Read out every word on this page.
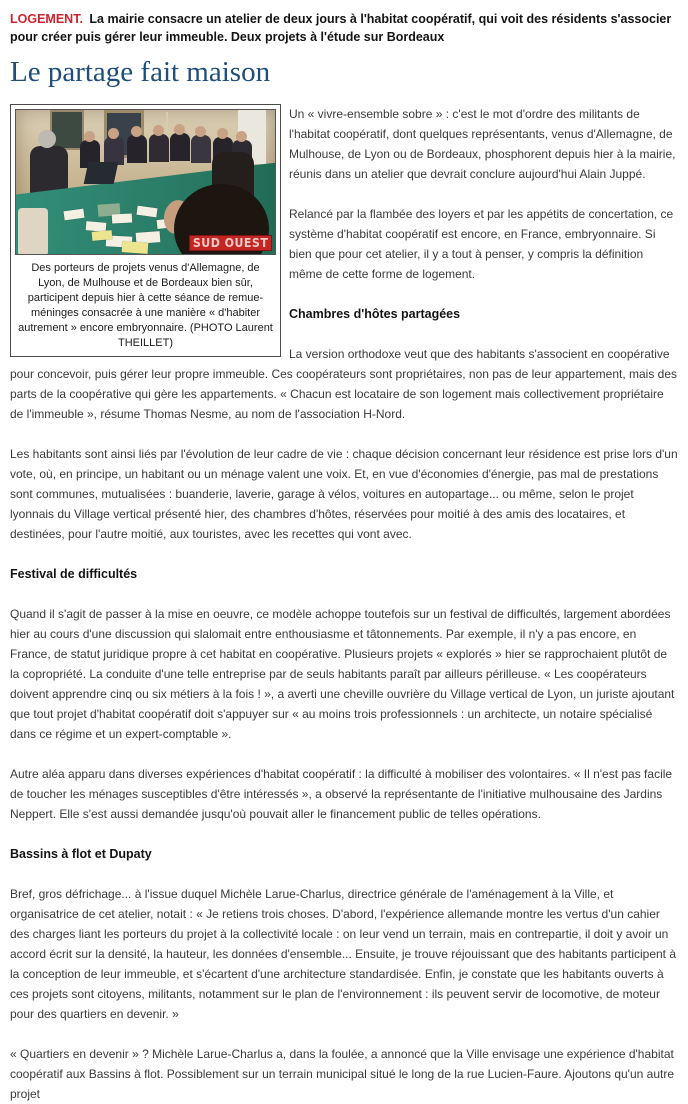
LOGEMENT. La mairie consacre un atelier de deux jours à l'habitat coopératif, qui voit des résidents s'associer pour créer puis gérer leur immeuble. Deux projets à l'étude sur Bordeaux

Le partage fait maison
SUD OUEST
Des porteurs de projets venus d'Allemagne, de Lyon, de Mulhouse et de Bordeaux bien sûr, participent depuis hier à cette séance de remue-méninges consacrée à une manière « d'habiter autrement » encore embryonnaire. (PHOTO Laurent THEILLET)

Un « vivre-ensemble sobre » : c'est le mot d'ordre des militants de l'habitat coopératif, dont quelques représentants, venus d'Allemagne, de Mulhouse, de Lyon ou de Bordeaux, phosphorent depuis hier à la mairie, réunis dans un atelier que devrait conclure aujourd'hui Alain Juppé.

Relancé par la flambée des loyers et par les appétits de concertation, ce système d'habitat coopératif est encore, en France, embryonnaire. Si bien que pour cet atelier, il y a tout à penser, y compris la définition même de cette forme de logement.

Chambres d'hôtes partagées

La version orthodoxe veut que des habitants s'associent en coopérative pour concevoir, puis gérer leur propre immeuble. Ces coopérateurs sont propriétaires, non pas de leur appartement, mais des parts de la coopérative qui gère les appartements. « Chacun est locataire de son logement mais collectivement propriétaire de l'immeuble », résume Thomas Nesme, au nom de l'association H-Nord.

Les habitants sont ainsi liés par l'évolution de leur cadre de vie : chaque décision concernant leur résidence est prise lors d'un vote, où, en principe, un habitant ou un ménage valent une voix. Et, en vue d'économies d'énergie, pas mal de prestations sont communes, mutualisées : buanderie, laverie, garage à vélos, voitures en autopartage... ou même, selon le projet lyonnais du Village vertical présenté hier, des chambres d'hôtes, réservées pour moitié à des amis des locataires, et destinées, pour l'autre moitié, aux touristes, avec les recettes qui vont avec.

Festival de difficultés

Quand il s'agit de passer à la mise en oeuvre, ce modèle achoppe toutefois sur un festival de difficultés, largement abordées hier au cours d'une discussion qui slalomait entre enthousiasme et tâtonnements. Par exemple, il n'y a pas encore, en France, de statut juridique propre à cet habitat en coopérative. Plusieurs projets « explorés » hier se rapprochaient plutôt de la copropriété. La conduite d'une telle entreprise par de seuls habitants paraît par ailleurs périlleuse. « Les coopérateurs doivent apprendre cinq ou six métiers à la fois ! », a averti une cheville ouvrière du Village vertical de Lyon, un juriste ajoutant que tout projet d'habitat coopératif doit s'appuyer sur « au moins trois professionnels : un architecte, un notaire spécialisé dans ce régime et un expert-comptable ».

Autre aléa apparu dans diverses expériences d'habitat coopératif : la difficulté à mobiliser des volontaires. « Il n'est pas facile de toucher les ménages susceptibles d'être intéressés », a observé la représentante de l'initiative mulhousaine des Jardins Neppert. Elle s'est aussi demandée jusqu'où pouvait aller le financement public de telles opérations.

Bassins à flot et Dupaty

Bref, gros défrichage... à l'issue duquel Michèle Larue-Charlus, directrice générale de l'aménagement à la Ville, et organisatrice de cet atelier, notait : « Je retiens trois choses. D'abord, l'expérience allemande montre les vertus d'un cahier des charges liant les porteurs du projet à la collectivité locale : on leur vend un terrain, mais en contrepartie, il doit y avoir un accord écrit sur la densité, la hauteur, les données d'ensemble... Ensuite, je trouve réjouissant que des habitants participent à la conception de leur immeuble, et s'écartent d'une architecture standardisée. Enfin, je constate que les habitants ouverts à ces projets sont citoyens, militants, notamment sur le plan de l'environnement : ils peuvent servir de locomotive, de moteur pour des quartiers en devenir. »

« Quartiers en devenir » ? Michèle Larue-Charlus a, dans la foulée, a annoncé que la Ville envisage une expérience d'habitat coopératif aux Bassins à flot. Possiblement sur un terrain municipal situé le long de la rue Lucien-Faure. Ajoutons qu'un autre projet
